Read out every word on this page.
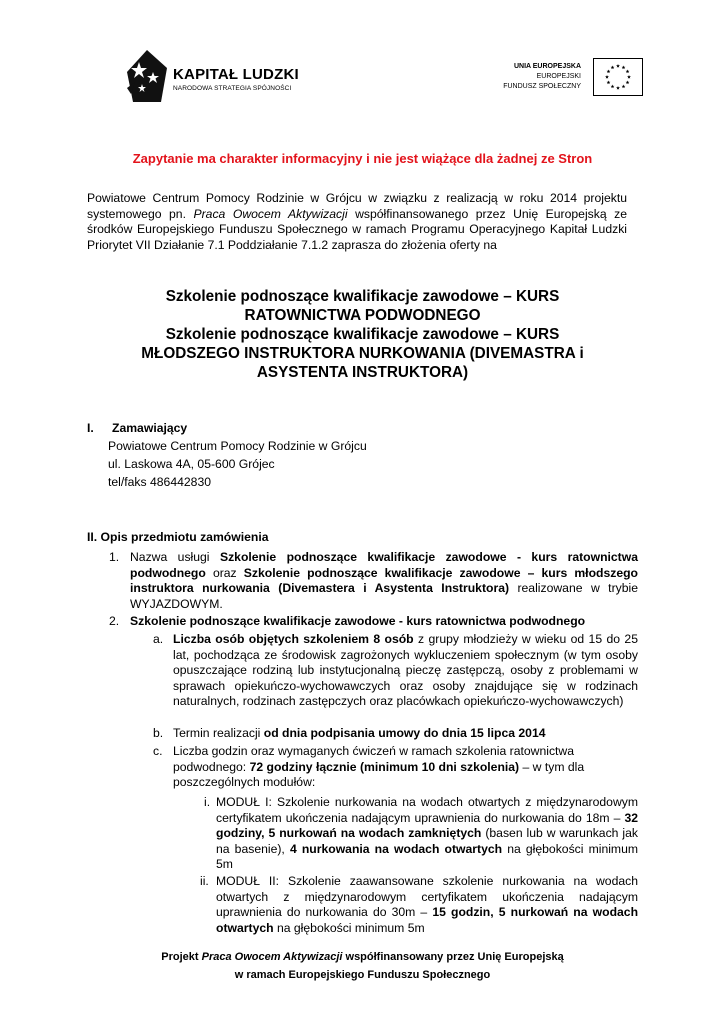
KAPITAŁ LUDZKI
NARODOWA STRATEGIA SPÓJNOŚCI
UNIA EUROPEJSKA
EUROPEJSKI
FUNDUSZ SPOŁECZNY
Zapytanie ma charakter informacyjny i nie jest wiążące dla żadnej ze Stron
Powiatowe Centrum Pomocy Rodzinie w Grójcu w związku z realizacją w roku 2014 projektu systemowego pn. Praca Owocem Aktywizacji współfinansowanego przez Unię Europejską ze środków Europejskiego Funduszu Społecznego w ramach Programu Operacyjnego Kapitał Ludzki Priorytet VII Działanie 7.1 Poddziałanie 7.1.2 zaprasza do złożenia oferty na
Szkolenie podnoszące kwalifikacje zawodowe – KURS
RATOWNICTWA PODWODNEGO
Szkolenie podnoszące kwalifikacje zawodowe – KURS
MŁODSZEGO INSTRUKTORA NURKOWANIA (DIVEMASTRA i
ASYSTENTA INSTRUKTORA)
I. Zamawiający
Powiatowe Centrum Pomocy Rodzinie w Grójcu
ul. Laskowa 4A, 05-600 Grójec
tel/faks 486442830
II. Opis przedmiotu zamówienia
1. Nazwa usługi Szkolenie podnoszące kwalifikacje zawodowe - kurs ratownictwa podwodnego oraz Szkolenie podnoszące kwalifikacje zawodowe – kurs młodszego instruktora nurkowania (Divemastera i Asystenta Instruktora) realizowane w trybie WYJAZDOWYM.
2. Szkolenie podnoszące kwalifikacje zawodowe - kurs ratownictwa podwodnego
a. Liczba osób objętych szkoleniem 8 osób z grupy młodzieży w wieku od 15 do 25 lat, pochodząca ze środowisk zagrożonych wykluczeniem społecznym (w tym osoby opuszczające rodziną lub instytucjonalną pieczę zastępczą, osoby z problemami w sprawach opiekuńczo-wychowawczych oraz osoby znajdujące się w rodzinach naturalnych, rodzinach zastępczych oraz placówkach opiekuńczo-wychowawczych)
b. Termin realizacji od dnia podpisania umowy do dnia 15 lipca 2014
c. Liczba godzin oraz wymaganych ćwiczeń w ramach szkolenia ratownictwa podwodnego: 72 godziny łącznie (minimum 10 dni szkolenia) – w tym dla poszczególnych modułów:
i. MODUŁ I: Szkolenie nurkowania na wodach otwartych z międzynarodowym certyfikatem ukończenia nadającym uprawnienia do nurkowania do 18m – 32 godziny, 5 nurkowań na wodach zamkniętych (basen lub w warunkach jak na basenie), 4 nurkowania na wodach otwartych na głębokości minimum 5m
ii. MODUŁ II: Szkolenie zaawansowane szkolenie nurkowania na wodach otwartych z międzynarodowym certyfikatem ukończenia nadającym uprawnienia do nurkowania do 30m – 15 godzin, 5 nurkowań na wodach otwartych na głębokości minimum 5m
Projekt Praca Owocem Aktywizacji współfinansowany przez Unię Europejską
w ramach Europejskiego Funduszu Społecznego
